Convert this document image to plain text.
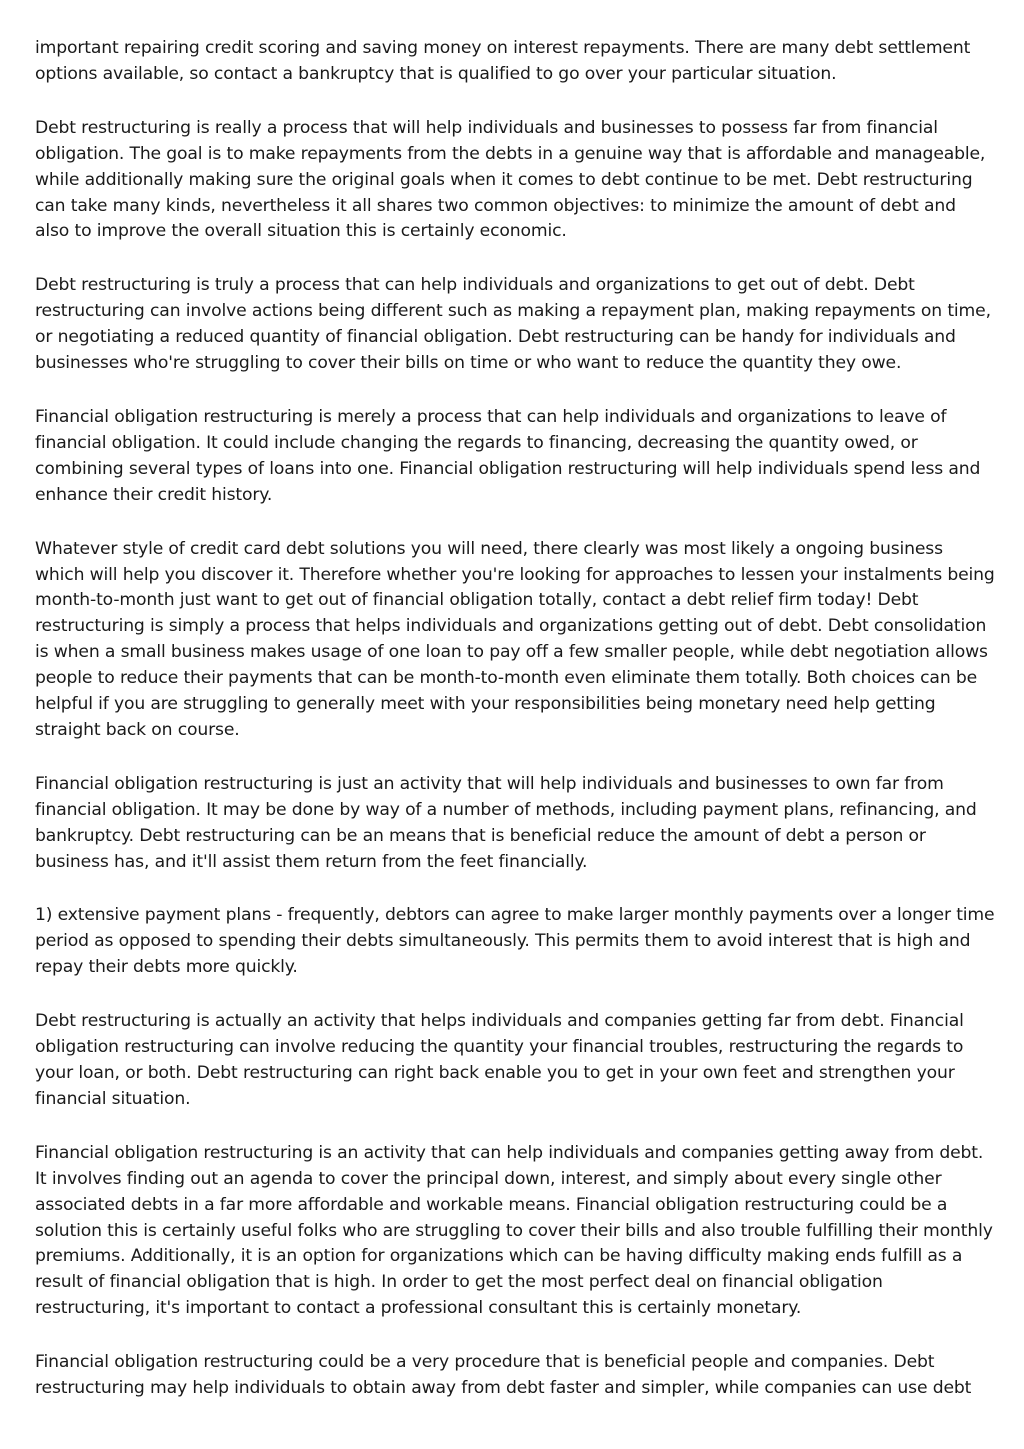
important repairing credit scoring and saving money on interest repayments. There are many debt settlement options available, so contact a bankruptcy that is qualified to go over your particular situation.

Debt restructuring is really a process that will help individuals and businesses to possess far from financial obligation. The goal is to make repayments from the debts in a genuine way that is affordable and manageable, while additionally making sure the original goals when it comes to debt continue to be met. Debt restructuring can take many kinds, nevertheless it all shares two common objectives: to minimize the amount of debt and also to improve the overall situation this is certainly economic.

Debt restructuring is truly a process that can help individuals and organizations to get out of debt. Debt restructuring can involve actions being different such as making a repayment plan, making repayments on time, or negotiating a reduced quantity of financial obligation. Debt restructuring can be handy for individuals and businesses who're struggling to cover their bills on time or who want to reduce the quantity they owe.

Financial obligation restructuring is merely a process that can help individuals and organizations to leave of financial obligation. It could include changing the regards to financing, decreasing the quantity owed, or combining several types of loans into one. Financial obligation restructuring will help individuals spend less and enhance their credit history.

Whatever style of credit card debt solutions you will need, there clearly was most likely a ongoing business which will help you discover it. Therefore whether you're looking for approaches to lessen your instalments being month-to-month just want to get out of financial obligation totally, contact a debt relief firm today! Debt restructuring is simply a process that helps individuals and organizations getting out of debt. Debt consolidation is when a small business makes usage of one loan to pay off a few smaller people, while debt negotiation allows people to reduce their payments that can be month-to-month even eliminate them totally. Both choices can be helpful if you are struggling to generally meet with your responsibilities being monetary need help getting straight back on course.

Financial obligation restructuring is just an activity that will help individuals and businesses to own far from financial obligation. It may be done by way of a number of methods, including payment plans, refinancing, and bankruptcy. Debt restructuring can be an means that is beneficial reduce the amount of debt a person or business has, and it'll assist them return from the feet financially.

1) extensive payment plans - frequently, debtors can agree to make larger monthly payments over a longer time period as opposed to spending their debts simultaneously. This permits them to avoid interest that is high and repay their debts more quickly.

Debt restructuring is actually an activity that helps individuals and companies getting far from debt. Financial obligation restructuring can involve reducing the quantity your financial troubles, restructuring the regards to your loan, or both. Debt restructuring can right back enable you to get in your own feet and strengthen your financial situation.

Financial obligation restructuring is an activity that can help individuals and companies getting away from debt. It involves finding out an agenda to cover the principal down, interest, and simply about every single other associated debts in a far more affordable and workable means. Financial obligation restructuring could be a solution this is certainly useful folks who are struggling to cover their bills and also trouble fulfilling their monthly premiums. Additionally, it is an option for organizations which can be having difficulty making ends fulfill as a result of financial obligation that is high. In order to get the most perfect deal on financial obligation restructuring, it's important to contact a professional consultant this is certainly monetary.

Financial obligation restructuring could be a very procedure that is beneficial people and companies. Debt restructuring may help individuals to obtain away from debt faster and simpler, while companies can use debt
